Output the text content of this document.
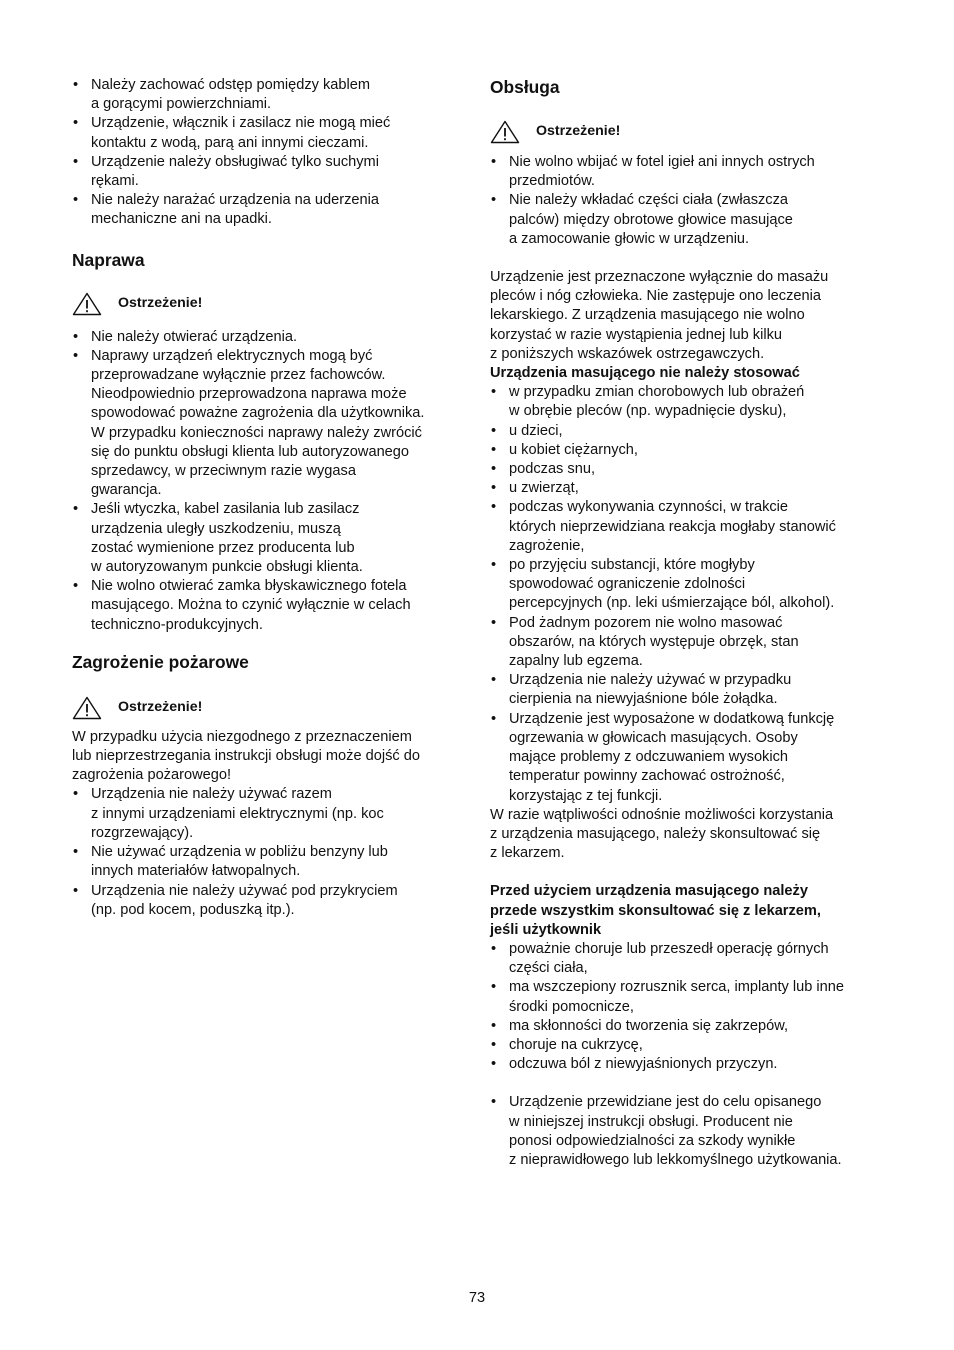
• Należy zachować odstęp pomiędzy kablem
a gorącymi powierzchniami.
• Urządzenie, włącznik i zasilacz nie mogą mieć
kontaktu z wodą, parą ani innymi cieczami.
• Urządzenie należy obsługiwać tylko suchymi
rękami.
• Nie należy narażać urządzenia na uderzenia
mechaniczne ani na upadki.
Naprawa
Ostrzeżenie!
• Nie należy otwierać urządzenia.
• Naprawy urządzeń elektrycznych mogą być
przeprowadzane wyłącznie przez fachowców.
Nieodpowiednio przeprowadzona naprawa może
spowodować poważne zagrożenia dla użytkownika.
W przypadku konieczności naprawy należy zwrócić
się do punktu obsługi klienta lub autoryzowanego
sprzedawcy, w przeciwnym razie wygasa
gwarancja.
• Jeśli wtyczka, kabel zasilania lub zasilacz
urządzenia uległy uszkodzeniu, muszą
zostać wymienione przez producenta lub
w autoryzowanym punkcie obsługi klienta.
• Nie wolno otwierać zamka błyskawicznego fotela
masującego. Można to czynić wyłącznie w celach
techniczno-produkcyjnych.
Zagrożenie pożarowe
Ostrzeżenie!

W przypadku użycia niezgodnego z przeznaczeniem
lub nieprzestrzegania instrukcji obsługi może dojść do
zagrożenia pożarowego!

• Urządzenia nie należy używać razem
z innymi urządzeniami elektrycznymi (np. koc
rozgrzewający).
• Nie używać urządzenia w pobliżu benzyny lub
innych materiałów łatwopalnych.
• Urządzenia nie należy używać pod przykryciem
(np. pod kocem, poduszką itp.).
Obsługa
Ostrzeżenie!
• Nie wolno wbijać w fotel igieł ani innych ostrych
przedmiotów.
• Nie należy wkładać części ciała (zwłaszcza
palców) między obrotowe głowice masujące
a zamocowanie głowic w urządzeniu.

Urządzenie jest przeznaczone wyłącznie do masażu
pleców i nóg człowieka. Nie zastępuje ono leczenia
lekarskiego. Z urządzenia masującego nie wolno
korzystać w razie wystąpienia jednej lub kilku
z poniższych wskazówek ostrzegawczych.

Urządzenia masującego nie należy stosować

• w przypadku zmian chorobowych lub obrażeń
w obrębie pleców (np. wypadnięcie dysku),
• u dzieci,
• u kobiet ciężarnych,
• podczas snu,
• u zwierząt,
• podczas wykonywania czynności, w trakcie
których nieprzewidziana reakcja mogłaby stanowić
zagrożenie,
• po przyjęciu substancji, które mogłyby
spowodować ograniczenie zdolności
percepcyjnych (np. leki uśmierzające ból, alkohol).
• Pod żadnym pozorem nie wolno masować
obszarów, na których występuje obrzęk, stan
zapalny lub egzema.
• Urządzenia nie należy używać w przypadku
cierpienia na niewyjaśnione bóle żołądka.
• Urządzenie jest wyposażone w dodatkową funkcję
ogrzewania w głowicach masujących. Osoby
mające problemy z odczuwaniem wysokich
temperatur powinny zachować ostrożność,
korzystając z tej funkcji.

W razie wątpliwości odnośnie możliwości korzystania
z urządzenia masującego, należy skonsultować się
z lekarzem.

Przed użyciem urządzenia masującego należy
przede wszystkim skonsultować się z lekarzem,
jeśli użytkownik

• poważnie choruje lub przeszedł operację górnych
części ciała,
• ma wszczepiony rozrusznik serca, implanty lub inne
środki pomocnicze,
• ma skłonności do tworzenia się zakrzepów,
• choruje na cukrzycę,
• odczuwa ból z niewyjaśnionych przyczyn.
• Urządzenie przewidziane jest do celu opisanego
w niniejszej instrukcji obsługi. Producent nie
ponosi odpowiedzialności za szkody wynikłe
z nieprawidłowego lub lekkomyślnego użytkowania.
73
